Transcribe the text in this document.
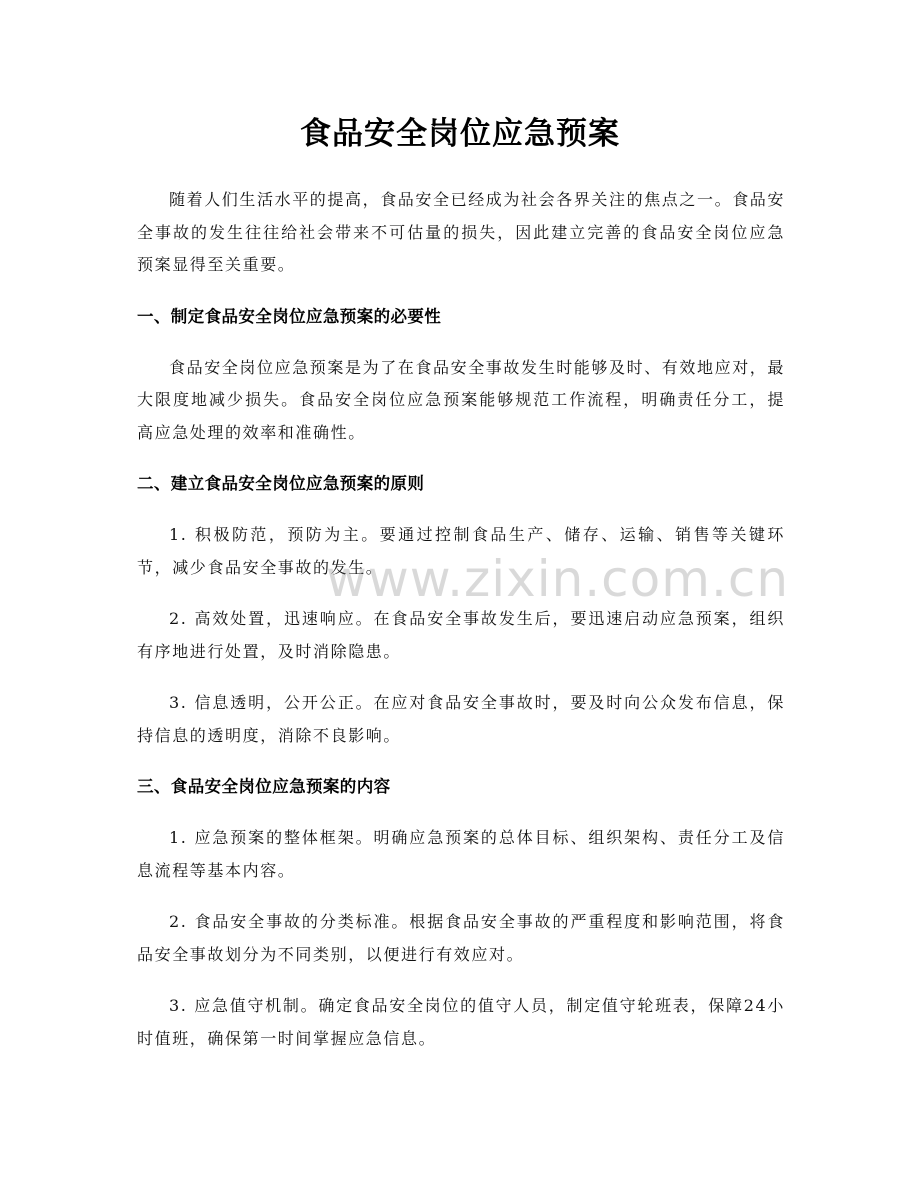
食品安全岗位应急预案

随着人们生活水平的提高，食品安全已经成为社会各界关注的焦点之一。食品安全事故的发生往往给社会带来不可估量的损失，因此建立完善的食品安全岗位应急预案显得至关重要。

一、制定食品安全岗位应急预案的必要性

食品安全岗位应急预案是为了在食品安全事故发生时能够及时、有效地应对，最大限度地减少损失。食品安全岗位应急预案能够规范工作流程，明确责任分工，提高应急处理的效率和准确性。

二、建立食品安全岗位应急预案的原则

1. 积极防范，预防为主。要通过控制食品生产、储存、运输、销售等关键环节，减少食品安全事故的发生。

2. 高效处置，迅速响应。在食品安全事故发生后，要迅速启动应急预案，组织有序地进行处置，及时消除隐患。

3. 信息透明，公开公正。在应对食品安全事故时，要及时向公众发布信息，保持信息的透明度，消除不良影响。

三、食品安全岗位应急预案的内容

1. 应急预案的整体框架。明确应急预案的总体目标、组织架构、责任分工及信息流程等基本内容。

2. 食品安全事故的分类标准。根据食品安全事故的严重程度和影响范围，将食品安全事故划分为不同类别，以便进行有效应对。

3. 应急值守机制。确定食品安全岗位的值守人员，制定值守轮班表，保障24小时值班，确保第一时间掌握应急信息。

www.zixin.com.cn
